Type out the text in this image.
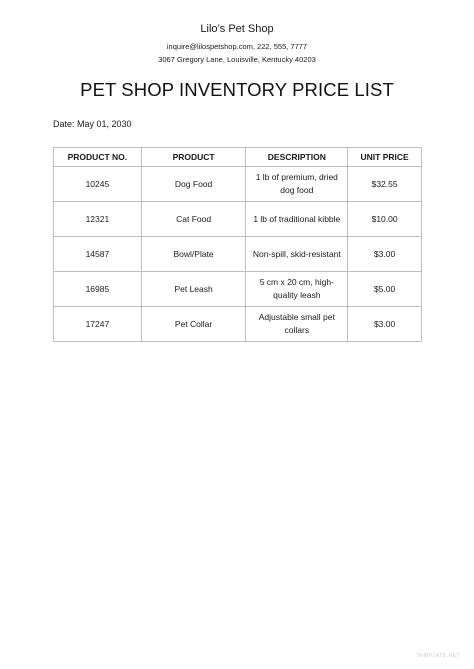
Lilo’s Pet Shop
inquire@lilospetshop.com, 222, 555, 7777
3067 Gregory Lane, Louisville, Kentucky 40203
PET SHOP INVENTORY PRICE LIST
Date: May 01, 2030
PRODUCT NO.	PRODUCT	DESCRIPTION	UNIT PRICE
10245	Dog Food	1 lb of premium, dried dog food	$32.55
12321	Cat Food	1 lb of traditional kibble	$10.00
14587	Bowl/Plate	Non-spill, skid-resistant	$3.00
16985	Pet Leash	5 cm x 20 cm, high-quality leash	$5.00
17247	Pet Collar	Adjustable small pet collars	$3.00
TEMPLATE.NET
